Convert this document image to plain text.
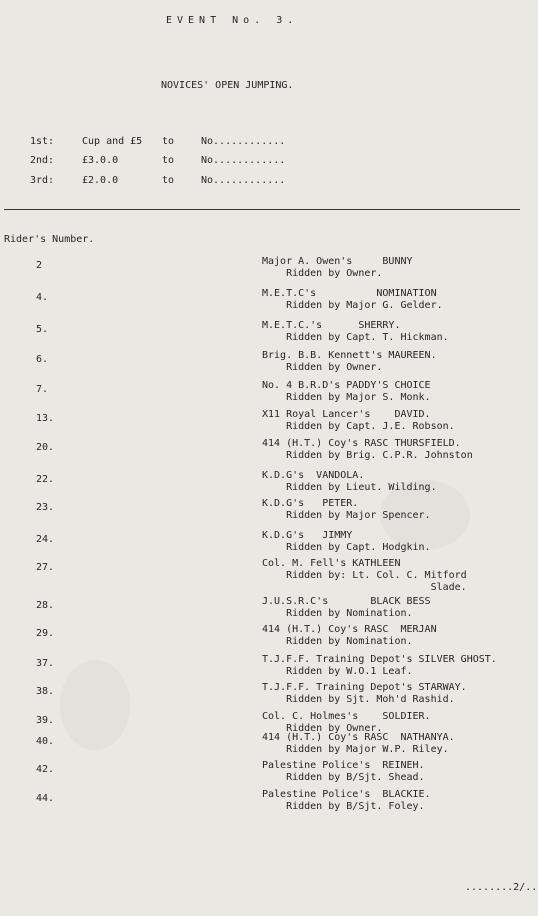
EVENT No. 3.
NOVICES' OPEN JUMPING.
1st:	Cup and £5 to	No............
2nd:	£3.0.0	to	No............
3rd:	£2.0.0	to	No............
Rider's Number.
2	Major A. Owen's     BUNNY
Ridden by Owner.
4.	M.E.T.C's          NOMINATION
Ridden by Major G. Gelder.
5.	M.E.T.C.'s      SHERRY.
Ridden by Capt. T. Hickman.
6.	Brig. B.B. Kennett's MAUREEN.
Ridden by Owner.
7.	No. 4 B.R.D's PADDY'S CHOICE
Ridden by Major S. Monk.
13.	X11 Royal Lancer's    DAVID.
Ridden by Capt. J.E. Robson.
20.	414 (H.T.) Coy's RASC THURSFIELD.
Ridden by Brig. C.P.R. Johnston
22.	K.D.G's  VANDOLA.
Ridden by Lieut. Wilding.
23.	K.D.G's   PETER.
Ridden by Major Spencer.
24.	K.D.G's   JIMMY
Ridden by Capt. Hodgkin.
27.	Col. M. Fell's KATHLEEN
Ridden by: Lt. Col. C. Mitford
Slade.
28.	J.U.S.R.C's       BLACK BESS
Ridden by Nomination.
29.	414 (H.T.) Coy's RASC  MERJAN
Ridden by Nomination.
37.	T.J.F.F. Training Depot's SILVER GHOST.
Ridden by W.O.1 Leaf.
38.	T.J.F.F. Training Depot's STARWAY.
Ridden by Sjt. Moh'd Rashid.
39.	Col. C. Holmes's    SOLDIER.
Ridden by Owner.
40.	414 (H.T.) Coy's RASC  NATHANYA.
Ridden by Major W.P. Riley.
42.	Palestine Police's  REINEH.
Ridden by B/Sjt. Shead.
44.	Palestine Police's  BLACKIE.
Ridden by B/Sjt. Foley.
........2/..
